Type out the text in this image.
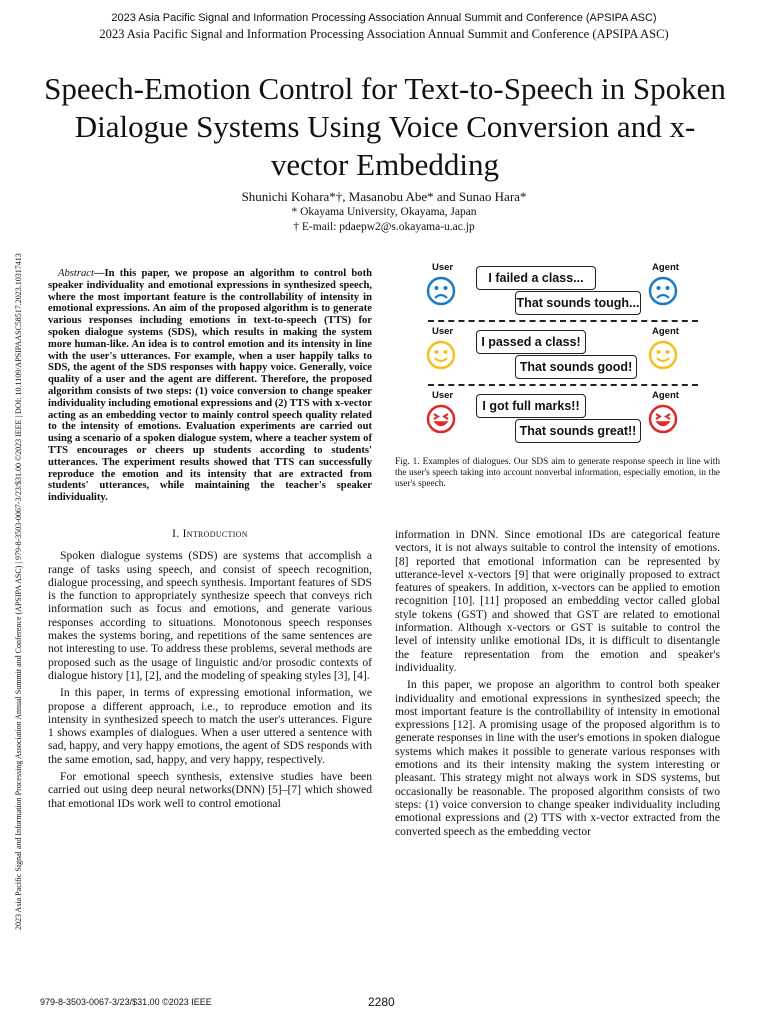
2023 Asia Pacific Signal and Information Processing Association Annual Summit and Conference (APSIPA ASC)
2023 Asia Pacific Signal and Information Processing Association Annual Summit and Conference (APSIPA ASC)
2023 Asia Pacific Signal and Information Processing Association Annual Summit and Conference (APSIPA ASC) | 979-8-3503-0067-3/23/$31.00 ©2023 IEEE | DOI: 10.1109/APSIPAASC58517.2023.10317413
Speech-Emotion Control for Text-to-Speech in Spoken Dialogue Systems Using Voice Conversion and x-vector Embedding
Shunichi Kohara*†, Masanobu Abe* and Sunao Hara*
* Okayama University, Okayama, Japan
† E-mail: pdaepw2@s.okayama-u.ac.jp

Abstract—In this paper, we propose an algorithm to control both speaker individuality and emotional expressions in synthesized speech, where the most important feature is the controllability of intensity in emotional expressions. An aim of the proposed algorithm is to generate various responses including emotions in text-to-speech (TTS) for spoken dialogue systems (SDS), which results in making the system more human-like. An idea is to control emotion and its intensity in line with the user's utterances. For example, when a user happily talks to SDS, the agent of the SDS responses with happy voice. Generally, voice quality of a user and the agent are different. Therefore, the proposed algorithm consists of two steps: (1) voice conversion to change speaker individuality including emotional expressions and (2) TTS with x-vector acting as an embedding vector to mainly control speech quality related to the intensity of emotions. Evaluation experiments are carried out using a scenario of a spoken dialogue system, where a teacher system of TTS encourages or cheers up students according to students' utterances. The experiment results showed that TTS can successfully reproduce the emotion and its intensity that are extracted from students' utterances, while maintaining the teacher's speaker individuality.

I. Introduction

Spoken dialogue systems (SDS) are systems that accomplish a range of tasks using speech, and consist of speech recognition, dialogue processing, and speech synthesis. Important features of SDS is the function to appropriately synthesize speech that conveys rich information such as focus and emotions, and generate various responses according to situations. Monotonous speech responses makes the systems boring, and repetitions of the same sentences are not interesting to use. To address these problems, several methods are proposed such as the usage of linguistic and/or prosodic contexts of dialogue history [1], [2], and the modeling of speaking styles [3], [4].

In this paper, in terms of expressing emotional information, we propose a different approach, i.e., to reproduce emotion and its intensity in synthesized speech to match the user's utterances. Figure 1 shows examples of dialogues. When a user uttered a sentence with sad, happy, and very happy emotions, the agent of SDS responds with the same emotion, sad, happy, and very happy, respectively.

For emotional speech synthesis, extensive studies have been carried out using deep neural networks(DNN) [5]–[7] which showed that emotional IDs work well to control emotional

User	Agent
I failed a class...
That sounds tough...
User	Agent
I passed a class!
That sounds good!
User	Agent
I got full marks!!
That sounds great!!
Fig. 1. Examples of dialogues. Our SDS aim to generate response speech in line with the user's speech taking into account nonverbal information, especially emotion, in the user's speech.

information in DNN. Since emotional IDs are categorical feature vectors, it is not always suitable to control the intensity of emotions. [8] reported that emotional information can be represented by utterance-level x-vectors [9] that were originally proposed to extract features of speakers. In addition, x-vectors can be applied to emotion recognition [10]. [11] proposed an embedding vector called global style tokens (GST) and showed that GST are related to emotional information. Although x-vectors or GST is suitable to control the level of intensity unlike emotional IDs, it is difficult to disentangle the feature representation from the emotion and speaker's individuality.

In this paper, we propose an algorithm to control both speaker individuality and emotional expressions in synthesized speech; the most important feature is the controllability of intensity in emotional expressions [12]. A promising usage of the proposed algorithm is to generate responses in line with the user's emotions in spoken dialogue systems which makes it possible to generate various responses with emotions and its their intensity making the system interesting or pleasant. This strategy might not always work in SDS systems, but occasionally be reasonable. The proposed algorithm consists of two steps: (1) voice conversion to change speaker individuality including emotional expressions and (2) TTS with x-vector extracted from the converted speech as the embedding vector

979-8-3503-0067-3/23/$31.00 ©2023 IEEE	2280
